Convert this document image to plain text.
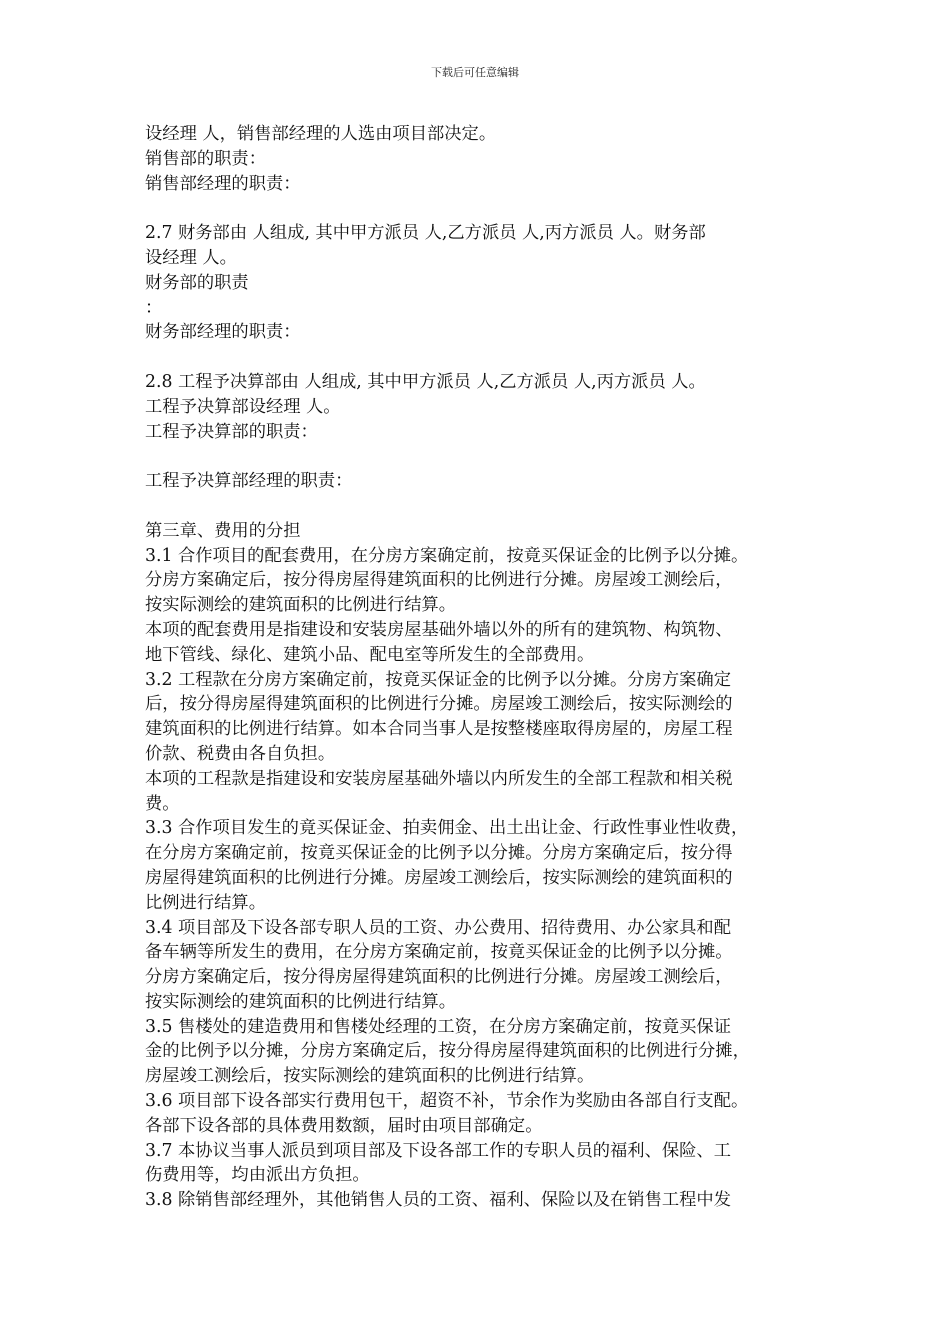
下载后可任意编辑
设经理 人，销售部经理的人选由项目部决定。
销售部的职责：
销售部经理的职责：
2.7 财务部由 人组成, 其中甲方派员 人,乙方派员 人,丙方派员 人。财务部
设经理 人。
财务部的职责
：
财务部经理的职责：
2.8 工程予决算部由 人组成, 其中甲方派员 人,乙方派员 人,丙方派员 人。
工程予决算部设经理 人。
工程予决算部的职责：
工程予决算部经理的职责：
第三章、费用的分担
3.1 合作项目的配套费用，在分房方案确定前，按竟买保证金的比例予以分摊。
分房方案确定后，按分得房屋得建筑面积的比例进行分摊。房屋竣工测绘后，
按实际测绘的建筑面积的比例进行结算。
本项的配套费用是指建设和安装房屋基础外墙以外的所有的建筑物、构筑物、
地下管线、绿化、建筑小品、配电室等所发生的全部费用。
3.2 工程款在分房方案确定前，按竟买保证金的比例予以分摊。分房方案确定
后，按分得房屋得建筑面积的比例进行分摊。房屋竣工测绘后，按实际测绘的
建筑面积的比例进行结算。如本合同当事人是按整楼座取得房屋的，房屋工程
价款、税费由各自负担。
本项的工程款是指建设和安装房屋基础外墙以内所发生的全部工程款和相关税
费。
3.3 合作项目发生的竟买保证金、拍卖佣金、出土出让金、行政性事业性收费，
在分房方案确定前，按竟买保证金的比例予以分摊。分房方案确定后，按分得
房屋得建筑面积的比例进行分摊。房屋竣工测绘后，按实际测绘的建筑面积的
比例进行结算。
3.4 项目部及下设各部专职人员的工资、办公费用、招待费用、办公家具和配
备车辆等所发生的费用，在分房方案确定前，按竟买保证金的比例予以分摊。
分房方案确定后，按分得房屋得建筑面积的比例进行分摊。房屋竣工测绘后，
按实际测绘的建筑面积的比例进行结算。
3.5 售楼处的建造费用和售楼处经理的工资，在分房方案确定前，按竟买保证
金的比例予以分摊，分房方案确定后，按分得房屋得建筑面积的比例进行分摊，
房屋竣工测绘后，按实际测绘的建筑面积的比例进行结算。
3.6 项目部下设各部实行费用包干，超资不补，节余作为奖励由各部自行支配。
各部下设各部的具体费用数额，届时由项目部确定。
3.7 本协议当事人派员到项目部及下设各部工作的专职人员的福利、保险、工
伤费用等，均由派出方负担。
3.8 除销售部经理外，其他销售人员的工资、福利、保险以及在销售工程中发
